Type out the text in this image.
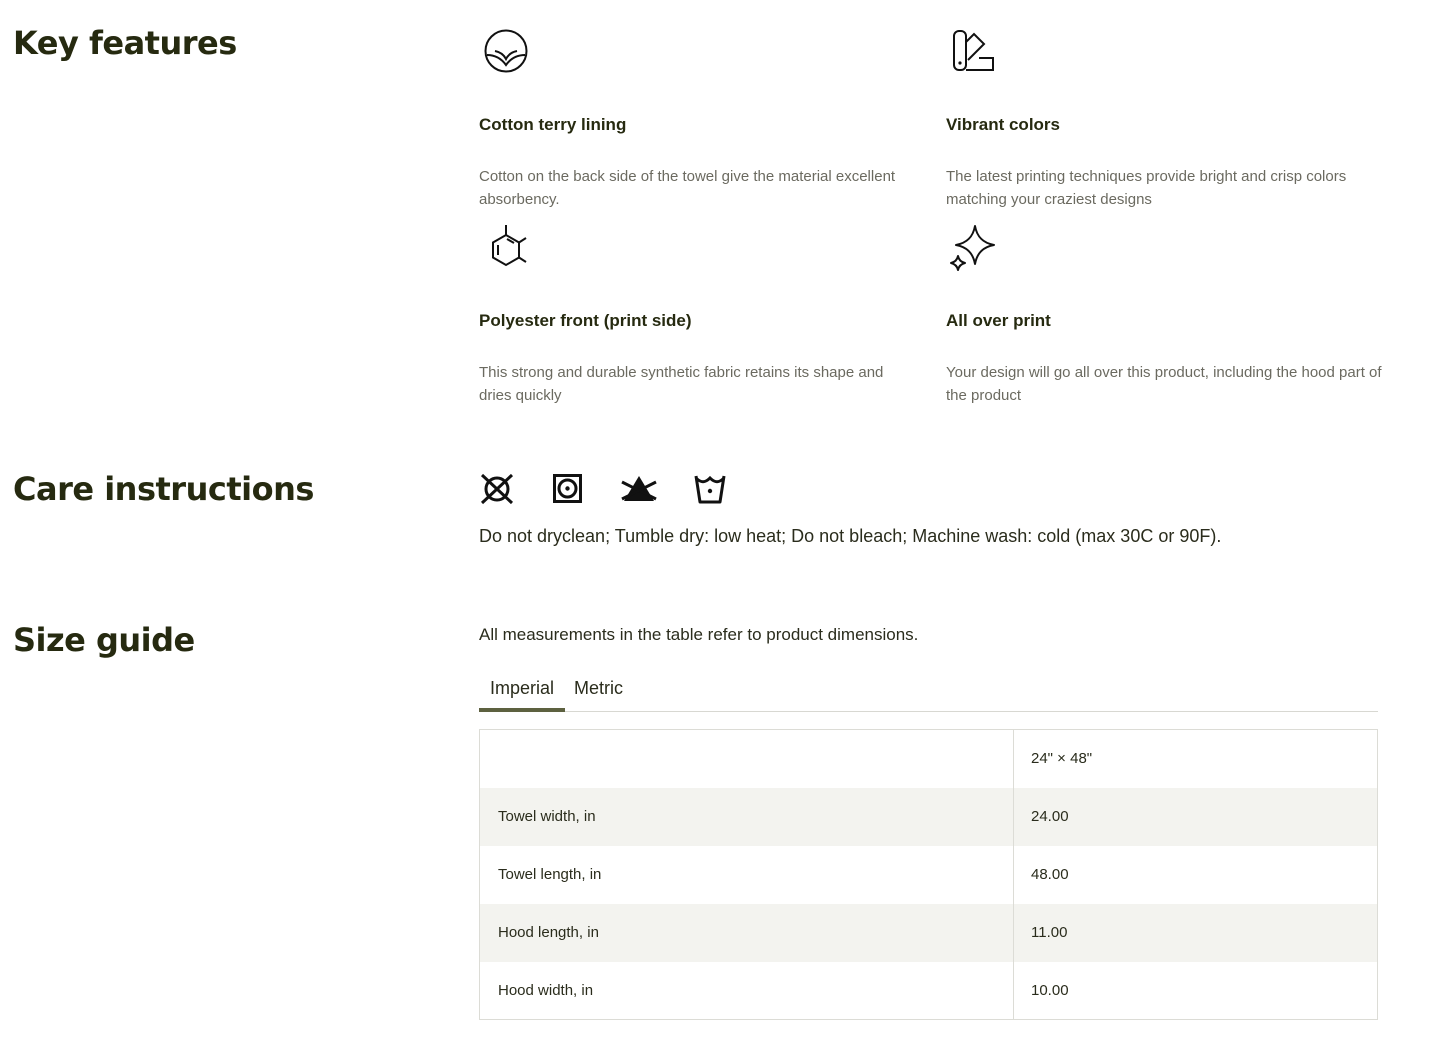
Key features
Cotton terry lining

Cotton on the back side of the towel give the material excellent absorbency.

Vibrant colors

The latest printing techniques provide bright and crisp colors matching your craziest designs

Polyester front (print side)

This strong and durable synthetic fabric retains its shape and dries quickly

All over print

Your design will go all over this product, including the hood part of the product

Care instructions

Do not dryclean; Tumble dry: low heat; Do not bleach; Machine wash: cold (max 30C or 90F).

Size guide	All measurements in the table refer to product dimensions.

Imperial	Metric
	24" × 48"
Towel width, in	24.00
Towel length, in	48.00
Hood length, in	11.00
Hood width, in	10.00
